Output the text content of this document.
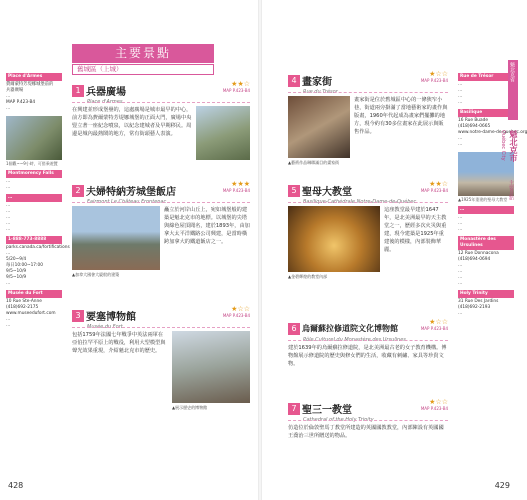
Place d'Armes
費爾蒙特芳堤娜城堡前的
兵器廣場
…
MAP P.423-B4
…
1個觀~~9小時，可搭乘遊覽
Montmorency Falls
…
…
…
…
…
…
…
…
1-888-773-8888
parks.canada.ca/fortifications
…
5/20~9/4
毎日10:00~17:00
9/5~10/9
9/5~10/9
…
Musée du Fort
10 Rue Ste-Anne
(418)692-2175
www.museedufort.com
…
…
主要景點
舊城區（上城）
1 兵器廣場
Place d'Armes
★★☆
MAP P.423-B4
在興建並形成堡壘的，這處廣場是城市最早的中心，前方即為費爾蒙特芳堤娜城堡的正面大門，廣場中央豎立著一座紀念噴泉，以紀念建城者及早期移民。周邊是城內最熱鬧的地方，常有街頭藝人表演。
2 夫婦特納芳城堡飯店
Fairmont Le Château Frontenac
★★★
MAP P.423-B4
▲加拿大國會大廈般的建築
矗立於河岸山丘上，宛如城堡般的建築是魁北克市的地標。以城堡的尖塔與綠色屋頂聞名，建於1893年，由加拿大太平洋鐵路公司興建，是當時橫跨加拿大的鐵道飯店之一。
3 要塞博物館
Musée du Fort
★☆☆
MAP P.423-B4
包括1759年法國七年戰爭中英法兩軍在亞伯拉罕平原上的戰役，利用大型模型與聲光效果重現，介紹魁北克市的歷史。
▲展示歷史的博物館
428
4 畫家街
Rue du Trésor
★☆☆
MAP P.423-B4
▲藝術作品琳瑯滿目的畫家街
畫家街是位於舊城區中心的一條狹窄小巷，街道兩旁掛滿了當地藝術家的畫作與版畫，1960年代起成為畫家們擺攤的地方，現今約有30多位畫家在此展示與販售作品。
5 聖母大教堂
Basilique-Cathédrale Notre-Dame-de-Québec
★★☆
MAP P.423-B4
▲金碧輝煌的教堂內部
這座教堂最早建於1647年，是北美洲最早的天主教堂之一，歷經多次火災與重建，現今建築是1925年重建後的模樣，內部裝飾華麗。
6 烏爾蘇拉修道院文化博物館
Pôle Culturel du Monastère des Ursulines
★☆☆
MAP P.423-B4
建於1639年的烏爾蘇拉修道院，是北美洲最古老的女子教育機構。博物館展示修道院的歷史與修女們的生活，收藏有刺繡、家具等珍貴文物。
7 聖三一教堂
Cathedral of the Holy Trinity
★☆☆
MAP P.423-B4
仿造位於倫敦聖馬丁教堂所建造的英國國教教堂，內部陳設有英國國王喬治三世所贈送的物品。
Rue de Trésor
…
…
…
…
Basilique
16 Rue Buade
(418)694-0665
www.notre-dame-de-quebec.org
…
…
▲1925年重建的聖母大教堂
…
…
…
…
Monastère des Ursulines
12 Rue Donnacona
(418)694-0694
…
…
…
…
Holy Trinity
31 Rue Des Jardins
(418)692-2193
…
429
魁北克省
魁北克市
Québec City
主要景點
